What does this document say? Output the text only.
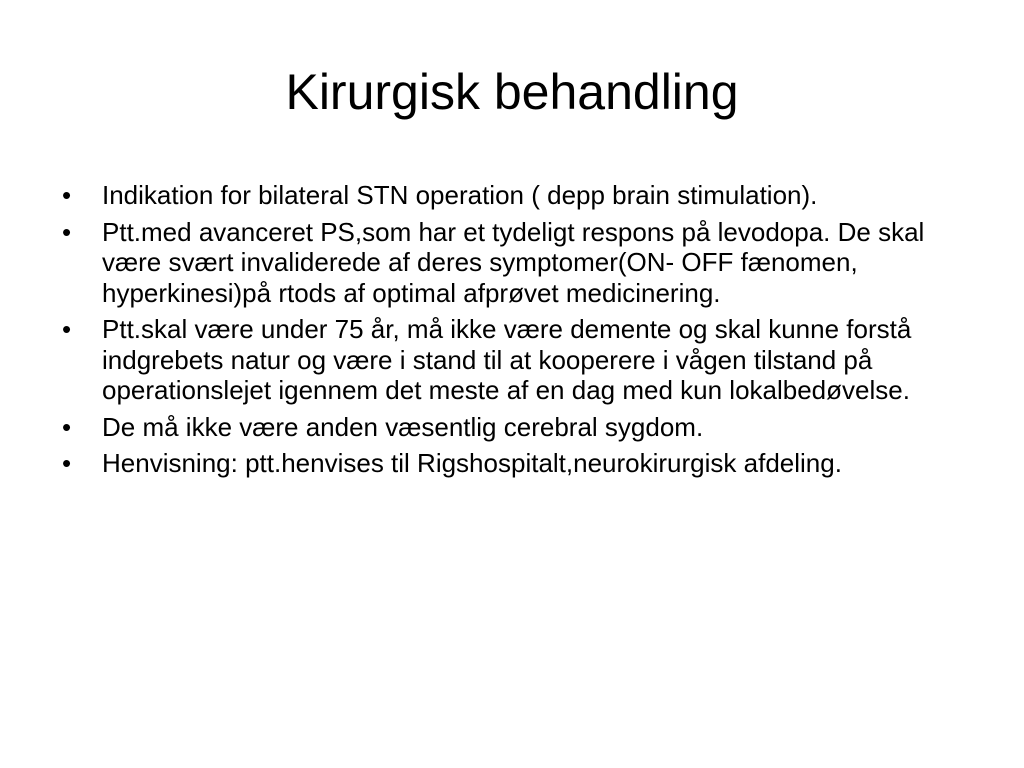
Kirurgisk behandling
• Indikation for bilateral STN operation ( depp brain stimulation).
• Ptt.med avanceret PS,som har et tydeligt respons på levodopa. De skal være svært invaliderede af deres symptomer(ON- OFF fænomen, hyperkinesi)på rtods af optimal afprøvet medicinering.
• Ptt.skal være under 75 år, må ikke være demente og skal kunne forstå indgrebets natur og være i stand til at kooperere i vågen tilstand på operationslejet igennem det meste af en dag med kun lokalbedøvelse.
• De må ikke være anden væsentlig cerebral sygdom.
• Henvisning: ptt.henvises til Rigshospitalt,neurokirurgisk afdeling.
